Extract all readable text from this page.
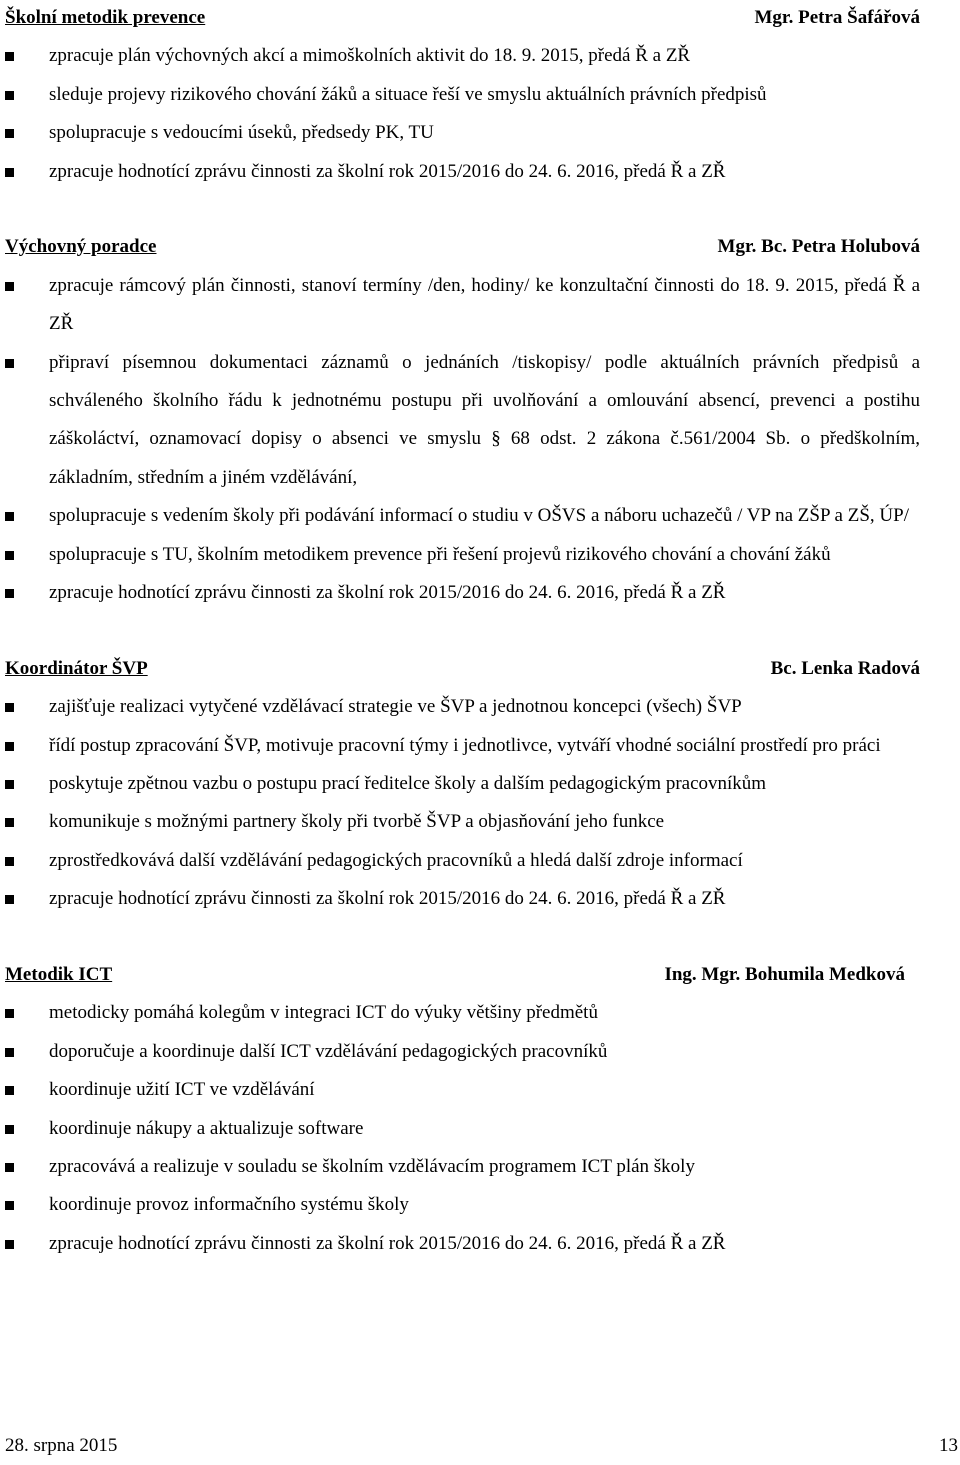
Školní metodik prevence	Mgr. Petra Šafářová
zpracuje plán výchovných akcí a mimoškolních aktivit do 18. 9. 2015, předá Ř a ZŘ
sleduje projevy rizikového chování žáků a situace řeší ve smyslu aktuálních právních předpisů
spolupracuje s vedoucími úseků, předsedy PK, TU
zpracuje hodnotící zprávu činnosti za školní rok 2015/2016 do 24. 6. 2016, předá Ř a ZŘ
Výchovný poradce	Mgr. Bc. Petra Holubová
zpracuje rámcový plán činnosti, stanoví termíny /den, hodiny/ ke konzultační činnosti do 18. 9. 2015, předá Ř a ZŘ
připraví písemnou dokumentaci záznamů o jednáních /tiskopisy/ podle aktuálních právních předpisů a schváleného školního řádu k jednotnému postupu při uvolňování a omlouvání absencí, prevenci a postihu záškoláctví, oznamovací dopisy o absenci ve smyslu § 68 odst. 2 zákona č.561/2004 Sb. o předškolním, základním, středním a jiném vzdělávání,
spolupracuje s vedením školy při podávání informací o studiu v OŠVS a náboru uchazečů / VP na ZŠP a ZŠ, ÚP/
spolupracuje s TU, školním metodikem prevence při řešení projevů rizikového chování a chování žáků
zpracuje hodnotící zprávu činnosti za školní rok 2015/2016 do 24. 6. 2016, předá Ř a ZŘ
Koordinátor ŠVP	Bc. Lenka Radová
zajišťuje realizaci vytyčené vzdělávací strategie ve ŠVP a jednotnou koncepci (všech) ŠVP
řídí postup zpracování ŠVP, motivuje pracovní týmy i jednotlivce, vytváří vhodné sociální prostředí pro práci
poskytuje zpětnou vazbu o postupu prací ředitelce školy a dalším pedagogickým pracovníkům
komunikuje s možnými partnery školy při tvorbě ŠVP a objasňování jeho funkce
zprostředkovává další vzdělávání pedagogických pracovníků a hledá další zdroje informací
zpracuje hodnotící zprávu činnosti za školní rok 2015/2016 do 24. 6. 2016, předá Ř a ZŘ
Metodik ICT	Ing. Mgr. Bohumila Medková
metodicky pomáhá kolegům v integraci ICT do výuky většiny předmětů
doporučuje a koordinuje další ICT vzdělávání pedagogických pracovníků
koordinuje užití ICT ve vzdělávání
koordinuje nákupy a aktualizuje software
zpracovává a realizuje v souladu se školním vzdělávacím programem ICT plán školy
koordinuje provoz informačního systému školy
zpracuje hodnotící zprávu činnosti za školní rok 2015/2016 do 24. 6. 2016, předá Ř a ZŘ
28. srpna 2015	13
